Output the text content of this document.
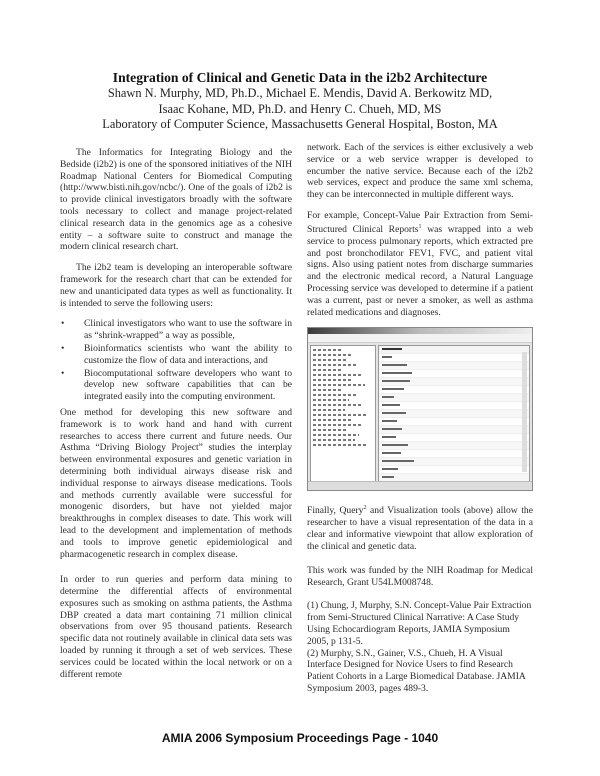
Integration of Clinical and Genetic Data in the i2b2 Architecture
Shawn N. Murphy, MD, Ph.D., Michael E. Mendis, David A. Berkowitz MD,
Isaac Kohane, MD, Ph.D. and Henry C. Chueh, MD, MS
Laboratory of Computer Science, Massachusetts General Hospital, Boston, MA

The Informatics for Integrating Biology and the Bedside (i2b2) is one of the sponsored initiatives of the NIH Roadmap National Centers for Biomedical Computing (http://www.bisti.nih.gov/ncbc/). One of the goals of i2b2 is to provide clinical investigators broadly with the software tools necessary to collect and manage project-related clinical research data in the genomics age as a cohesive entity – a software suite to construct and manage the modern clinical research chart.

The i2b2 team is developing an interoperable software framework for the research chart that can be extended for new and unanticipated data types as well as functionality. It is intended to serve the following users:

• Clinical investigators who want to use the software in as “shrink-wrapped” a way as possible,
• Bioinformatics scientists who want the ability to customize the flow of data and interactions, and
• Biocomputational software developers who want to develop new software capabilities that can be integrated easily into the computing environment.

One method for developing this new software and framework is to work hand and hand with current researches to access there current and future needs. Our Asthma “Driving Biology Project” studies the interplay between environmental exposures and genetic variation in determining both individual airways disease risk and individual response to airways disease medications. Tools and methods currently available were successful for monogenic disorders, but have not yielded major breakthroughs in complex diseases to date. This work will lead to the development and implementation of methods and tools to improve genetic epidemiological and pharmacogenetic research in complex disease.

In order to run queries and perform data mining to determine the differential affects of environmental exposures such as smoking on asthma patients, the Asthma DBP created a data mart containing 71 million clinical observations from over 95 thousand patients. Research specific data not routinely available in clinical data sets was loaded by running it through a set of web services. These services could be located within the local network or on a different remote

network. Each of the services is either exclusively a web service or a web service wrapper is developed to encumber the native service. Because each of the i2b2 web services, expect and produce the same xml schema, they can be interconnected in multiple different ways.

For example, Concept-Value Pair Extraction from Semi-Structured Clinical Reports$^1$ was wrapped into a web service to process pulmonary reports, which extracted pre and post bronchodilator FEV1, FVC, and patient vital signs. Also using patient notes from discharge summaries and the electronic medical record, a Natural Language Processing service was developed to determine if a patient was a current, past or never a smoker, as well as asthma related medications and diagnoses.

Finally, Query$^2$ and Visualization tools (above) allow the researcher to have a visual representation of the data in a clear and informative viewpoint that allow exploration of the clinical and genetic data.

This work was funded by the NIH Roadmap for Medical Research, Grant U54LM008748.

(1) Chung, J, Murphy, S.N. Concept-Value Pair Extraction from Semi-Structured Clinical Narrative: A Case Study Using Echocardiogram Reports, JAMIA Symposium 2005, p 131-5.

(2) Murphy, S.N., Gainer, V.S., Chueh, H. A Visual Interface Designed for Novice Users to find Research Patient Cohorts in a Large Biomedical Database. JAMIA Symposium 2003, pages 489-3.

AMIA 2006 Symposium Proceedings Page - 1040
